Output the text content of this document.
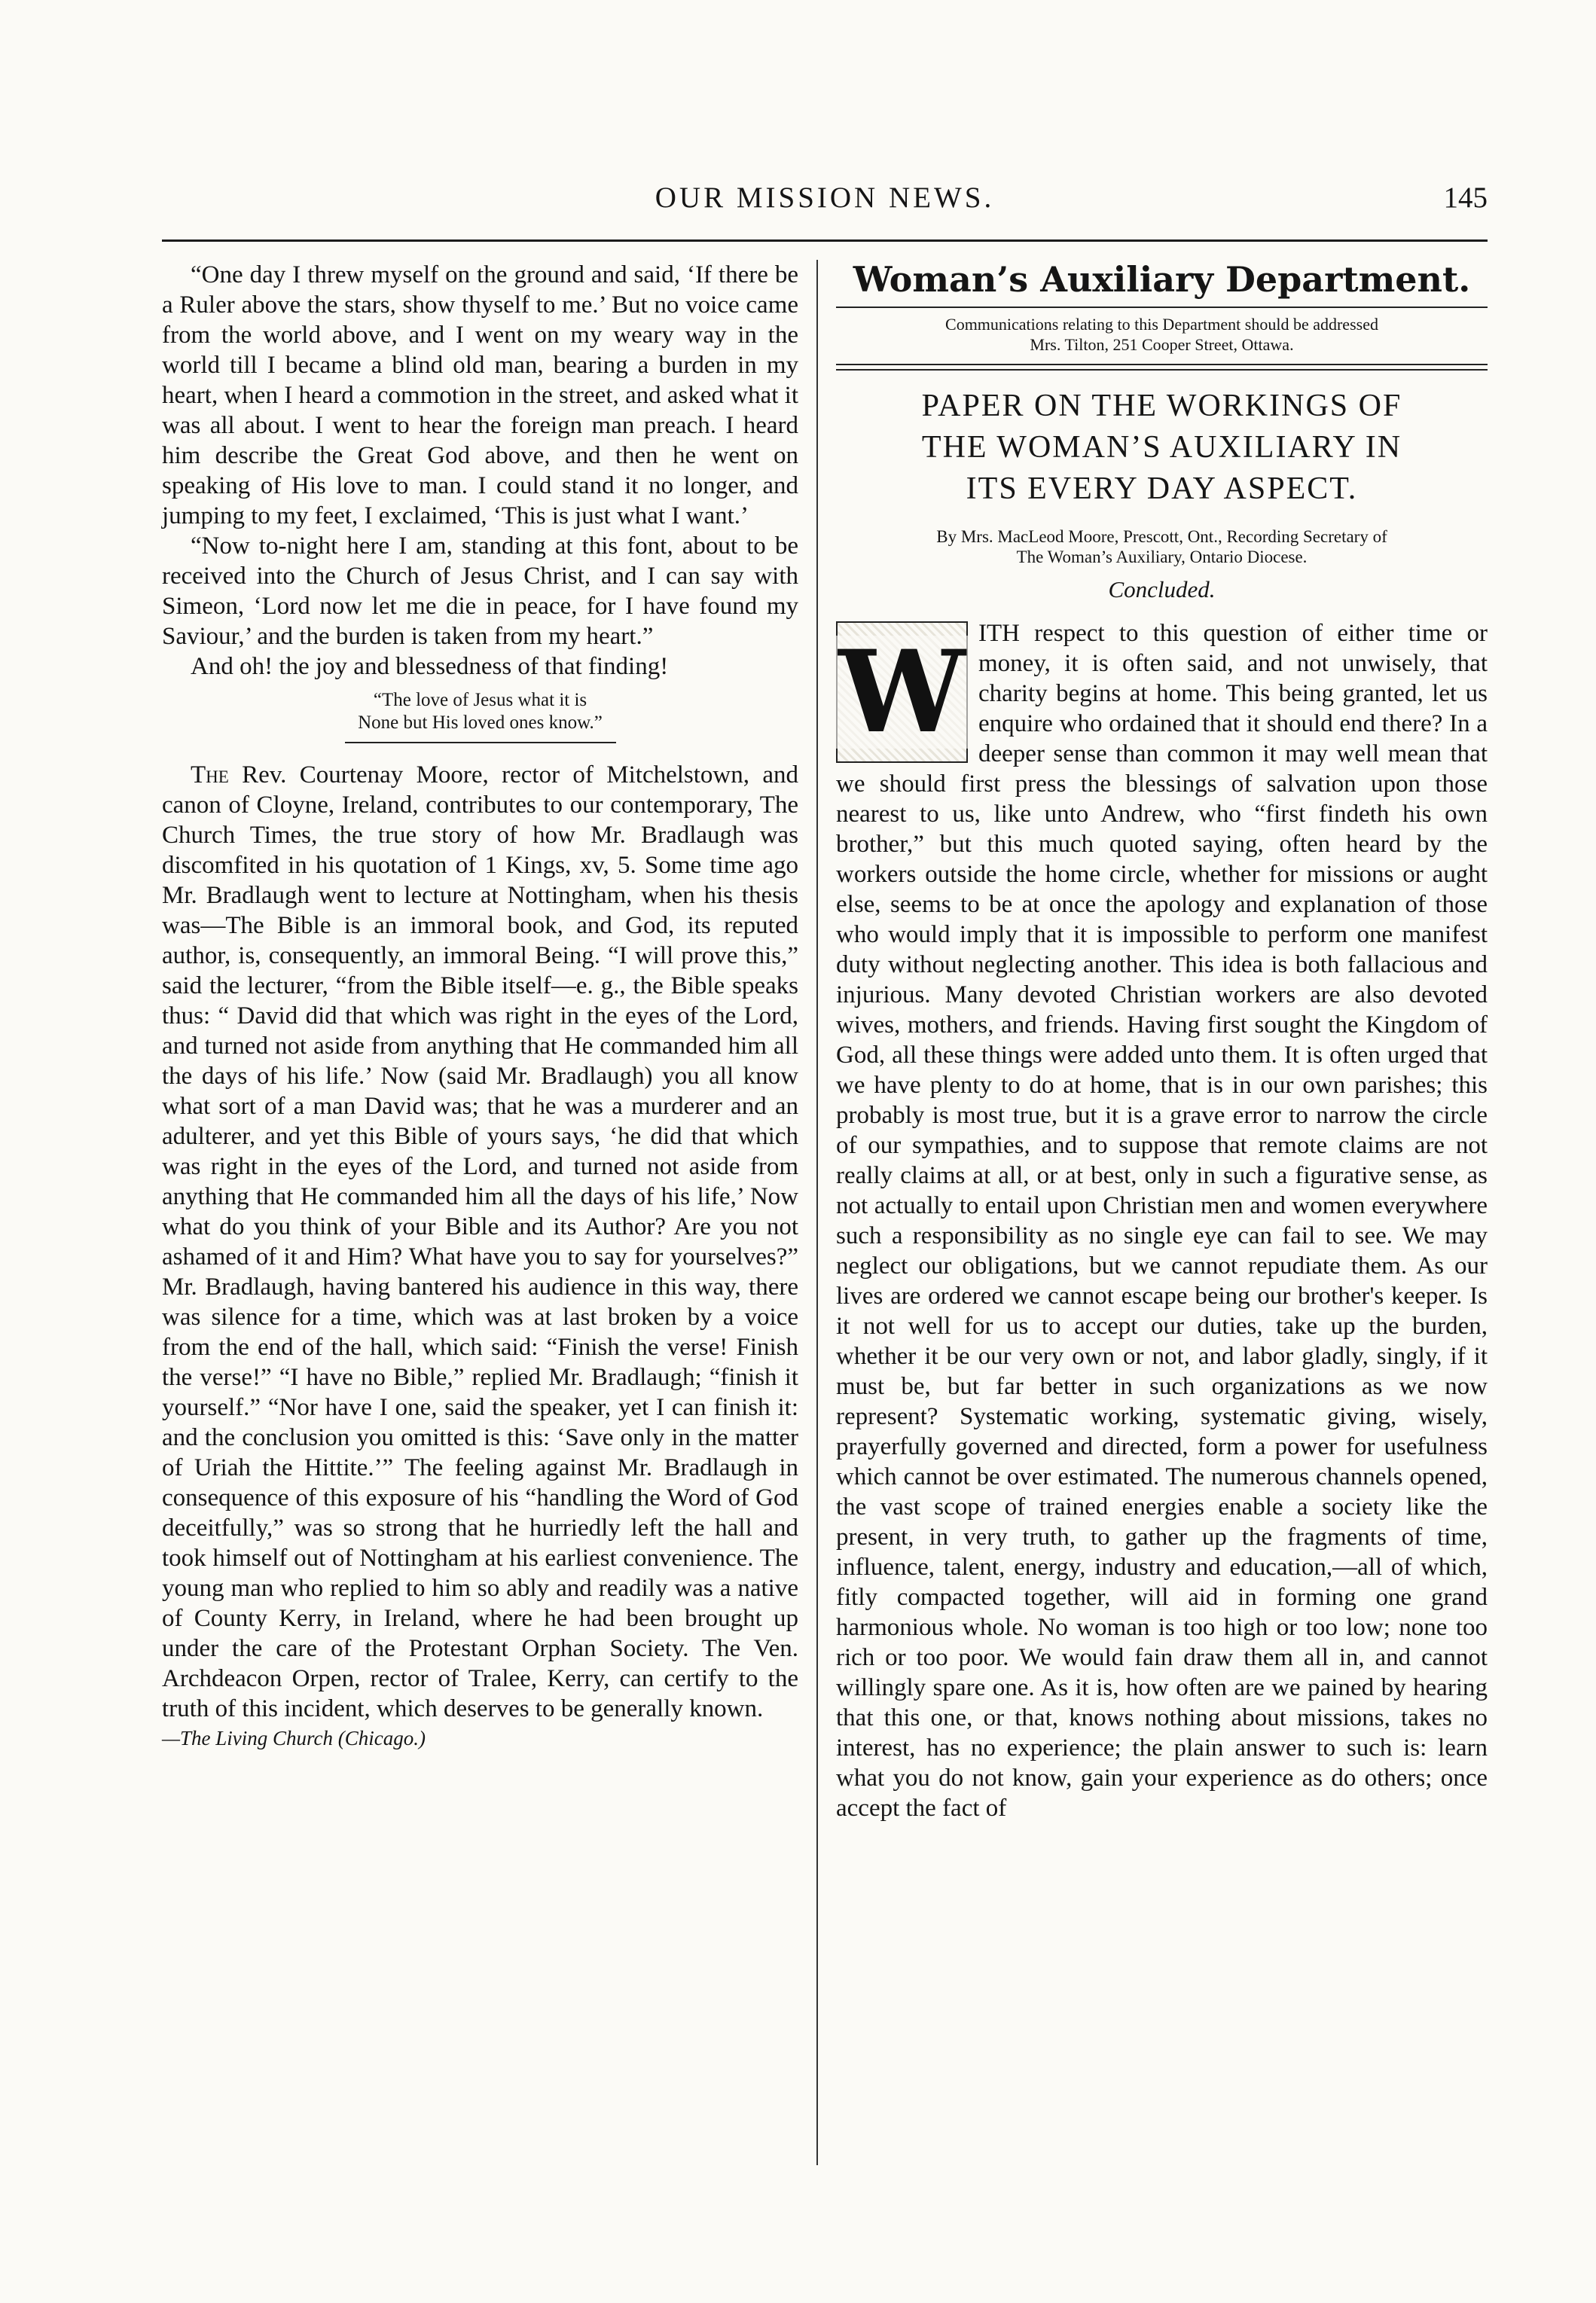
OUR MISSION NEWS.	145

“One day I threw myself on the ground and said, ‘If there be a Ruler above the stars, show thyself to me.’ But no voice came from the world above, and I went on my weary way in the world till I became a blind old man, bearing a burden in my heart, when I heard a commotion in the street, and asked what it was all about. I went to hear the foreign man preach. I heard him describe the Great God above, and then he went on speaking of His love to man. I could stand it no longer, and jumping to my feet, I exclaimed, ‘This is just what I want.’

“Now to-night here I am, standing at this font, about to be received into the Church of Jesus Christ, and I can say with Simeon, ‘Lord now let me die in peace, for I have found my Saviour,’ and the burden is taken from my heart.”

And oh! the joy and blessedness of that finding!

“The love of Jesus what it is
None but His loved ones know.”

The Rev. Courtenay Moore, rector of Mitchelstown, and canon of Cloyne, Ireland, contributes to our contemporary, The Church Times, the true story of how Mr. Bradlaugh was discomfited in his quotation of 1 Kings, xv, 5. Some time ago Mr. Bradlaugh went to lecture at Nottingham, when his thesis was—The Bible is an immoral book, and God, its reputed author, is, consequently, an immoral Being. “I will prove this,” said the lecturer, “from the Bible itself—e. g., the Bible speaks thus: “ David did that which was right in the eyes of the Lord, and turned not aside from anything that He commanded him all the days of his life.’ Now (said Mr. Bradlaugh) you all know what sort of a man David was; that he was a murderer and an adulterer, and yet this Bible of yours says, ‘he did that which was right in the eyes of the Lord, and turned not aside from anything that He commanded him all the days of his life,’ Now what do you think of your Bible and its Author? Are you not ashamed of it and Him? What have you to say for yourselves?” Mr. Bradlaugh, having bantered his audience in this way, there was silence for a time, which was at last broken by a voice from the end of the hall, which said: “Finish the verse! Finish the verse!” “I have no Bible,” replied Mr. Bradlaugh; “finish it yourself.” “Nor have I one, said the speaker, yet I can finish it: and the conclusion you omitted is this: ‘Save only in the matter of Uriah the Hittite.’” The feeling against Mr. Bradlaugh in consequence of this exposure of his “handling the Word of God deceitfully,” was so strong that he hurriedly left the hall and took himself out of Nottingham at his earliest convenience. The young man who replied to him so ably and readily was a native of County Kerry, in Ireland, where he had been brought up under the care of the Protestant Orphan Society. The Ven. Archdeacon Orpen, rector of Tralee, Kerry, can certify to the truth of this incident, which deserves to be generally known.

—The Living Church (Chicago.)
Woman’s Auxiliary Department.
Communications relating to this Department should be addressed
Mrs. Tilton, 251 Cooper Street, Ottawa.
PAPER ON THE WORKINGS OF
THE WOMAN’S AUXILIARY IN
ITS EVERY DAY ASPECT.
By Mrs. MacLeod Moore, Prescott, Ont., Recording Secretary of
The Woman’s Auxiliary, Ontario Diocese.
Concluded.
W ITH respect to this question of either time or money, it is often said, and not unwisely, that charity begins at home. This being granted, let us enquire who ordained that it should end there? In a deeper sense than common it may well mean that we should first press the blessings of salvation upon those nearest to us, like unto Andrew, who “first findeth his own brother,” but this much quoted saying, often heard by the workers outside the home circle, whether for missions or aught else, seems to be at once the apology and explanation of those who would imply that it is impossible to perform one manifest duty without neglecting another. This idea is both fallacious and injurious. Many devoted Christian workers are also devoted wives, mothers, and friends. Having first sought the Kingdom of God, all these things were added unto them. It is often urged that we have plenty to do at home, that is in our own parishes; this probably is most true, but it is a grave error to narrow the circle of our sympathies, and to suppose that remote claims are not really claims at all, or at best, only in such a figurative sense, as not actually to entail upon Christian men and women everywhere such a responsibility as no single eye can fail to see. We may neglect our obligations, but we cannot repudiate them. As our lives are ordered we cannot escape being our brother's keeper. Is it not well for us to accept our duties, take up the burden, whether it be our very own or not, and labor gladly, singly, if it must be, but far better in such organizations as we now represent? Systematic working, systematic giving, wisely, prayerfully governed and directed, form a power for usefulness which cannot be over estimated. The numerous channels opened, the vast scope of trained energies enable a society like the present, in very truth, to gather up the fragments of time, influence, talent, energy, industry and education,—all of which, fitly compacted together, will aid in forming one grand harmonious whole. No woman is too high or too low; none too rich or too poor. We would fain draw them all in, and cannot willingly spare one. As it is, how often are we pained by hearing that this one, or that, knows nothing about missions, takes no interest, has no experience; the plain answer to such is: learn what you do not know, gain your experience as do others; once accept the fact of
